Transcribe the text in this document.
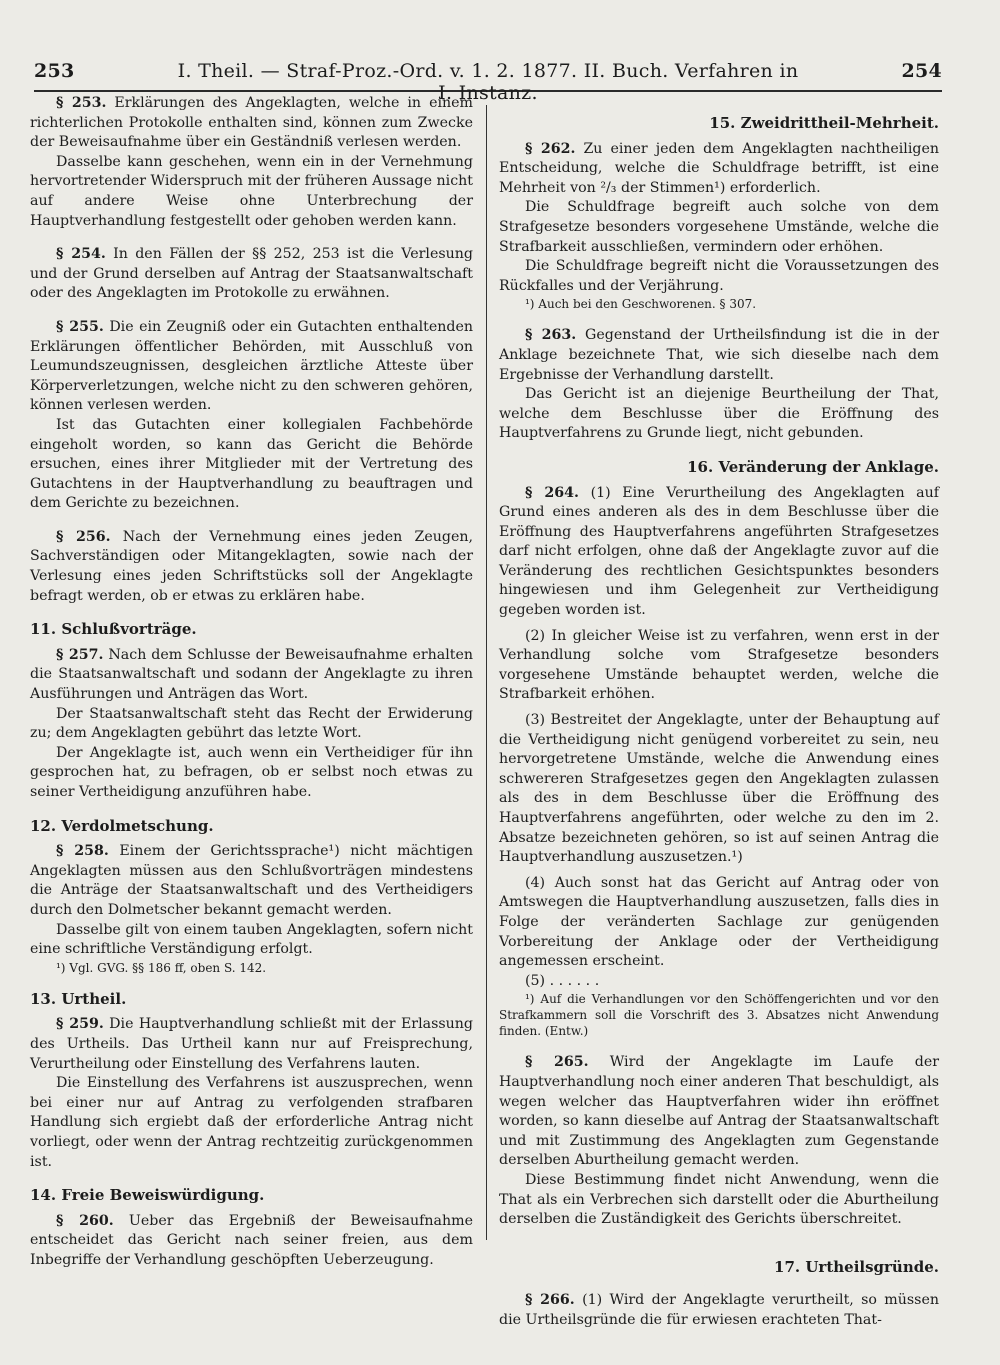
253	I. Theil. — Straf-Proz.-Ord. v. 1. 2. 1877. II. Buch. Verfahren in I. Instanz.
254

§ 253. Erklärungen des Angeklagten, welche in einem richterlichen Protokolle enthalten sind, können zum Zwecke der Beweisaufnahme über ein Geständniß verlesen werden.

Dasselbe kann geschehen, wenn ein in der Vernehmung hervortretender Widerspruch mit der früheren Aussage nicht auf andere Weise ohne Unterbrechung der Hauptverhandlung festgestellt oder gehoben werden kann.

§ 254. In den Fällen der §§ 252, 253 ist die Verlesung und der Grund derselben auf Antrag der Staatsanwaltschaft oder des Angeklagten im Protokolle zu erwähnen.

§ 255. Die ein Zeugniß oder ein Gutachten enthaltenden Erklärungen öffentlicher Behörden, mit Ausschluß von Leumundszeugnissen, desgleichen ärztliche Atteste über Körperverletzungen, welche nicht zu den schweren gehören, können verlesen werden.

Ist das Gutachten einer kollegialen Fachbehörde eingeholt worden, so kann das Gericht die Behörde ersuchen, eines ihrer Mitglieder mit der Vertretung des Gutachtens in der Hauptverhandlung zu beauftragen und dem Gerichte zu bezeichnen.

§ 256. Nach der Vernehmung eines jeden Zeugen, Sachverständigen oder Mitangeklagten, sowie nach der Verlesung eines jeden Schriftstücks soll der Angeklagte befragt werden, ob er etwas zu erklären habe.

11. Schlußvorträge.

§ 257. Nach dem Schlusse der Beweisaufnahme erhalten die Staatsanwaltschaft und sodann der Angeklagte zu ihren Ausführungen und Anträgen das Wort.

Der Staatsanwaltschaft steht das Recht der Erwiderung zu; dem Angeklagten gebührt das letzte Wort.

Der Angeklagte ist, auch wenn ein Vertheidiger für ihn gesprochen hat, zu befragen, ob er selbst noch etwas zu seiner Vertheidigung anzuführen habe.

12. Verdolmetschung.

§ 258. Einem der Gerichtssprache¹) nicht mächtigen Angeklagten müssen aus den Schlußvorträgen mindestens die Anträge der Staatsanwaltschaft und des Vertheidigers durch den Dolmetscher bekannt gemacht werden.

Dasselbe gilt von einem tauben Angeklagten, sofern nicht eine schriftliche Verständigung erfolgt.

¹) Vgl. GVG. §§ 186 ff, oben S. 142.

13. Urtheil.

§ 259. Die Hauptverhandlung schließt mit der Erlassung des Urtheils. Das Urtheil kann nur auf Freisprechung, Verurtheilung oder Einstellung des Verfahrens lauten.

Die Einstellung des Verfahrens ist auszusprechen, wenn bei einer nur auf Antrag zu verfolgenden strafbaren Handlung sich ergiebt daß der erforderliche Antrag nicht vorliegt, oder wenn der Antrag rechtzeitig zurückgenommen ist.

14. Freie Beweiswürdigung.

§ 260. Ueber das Ergebniß der Beweisaufnahme entscheidet das Gericht nach seiner freien, aus dem Inbegriffe der Verhandlung geschöpften Ueberzeugung.

15. Zweidrittheil-Mehrheit.

§ 262. Zu einer jeden dem Angeklagten nachtheiligen Entscheidung, welche die Schuldfrage betrifft, ist eine Mehrheit von ²/₃ der Stimmen¹) erforderlich.

Die Schuldfrage begreift auch solche von dem Strafgesetze besonders vorgesehene Umstände, welche die Strafbarkeit ausschließen, vermindern oder erhöhen.

Die Schuldfrage begreift nicht die Voraussetzungen des Rückfalles und der Verjährung.

¹) Auch bei den Geschworenen. § 307.

§ 263. Gegenstand der Urtheilsfindung ist die in der Anklage bezeichnete That, wie sich dieselbe nach dem Ergebnisse der Verhandlung darstellt.

Das Gericht ist an diejenige Beurtheilung der That, welche dem Beschlusse über die Eröffnung des Hauptverfahrens zu Grunde liegt, nicht gebunden.

16. Veränderung der Anklage.

§ 264. (1) Eine Verurtheilung des Angeklagten auf Grund eines anderen als des in dem Beschlusse über die Eröffnung des Hauptverfahrens angeführten Strafgesetzes darf nicht erfolgen, ohne daß der Angeklagte zuvor auf die Veränderung des rechtlichen Gesichtspunktes besonders hingewiesen und ihm Gelegenheit zur Vertheidigung gegeben worden ist.

(2) In gleicher Weise ist zu verfahren, wenn erst in der Verhandlung solche vom Strafgesetze besonders vorgesehene Umstände behauptet werden, welche die Strafbarkeit erhöhen.

(3) Bestreitet der Angeklagte, unter der Behauptung auf die Vertheidigung nicht genügend vorbereitet zu sein, neu hervorgetretene Umstände, welche die Anwendung eines schwereren Strafgesetzes gegen den Angeklagten zulassen als des in dem Beschlusse über die Eröffnung des Hauptverfahrens angeführten, oder welche zu den im 2. Absatze bezeichneten gehören, so ist auf seinen Antrag die Hauptverhandlung auszusetzen.¹)

(4) Auch sonst hat das Gericht auf Antrag oder von Amtswegen die Hauptverhandlung auszusetzen, falls dies in Folge der veränderten Sachlage zur genügenden Vorbereitung der Anklage oder der Vertheidigung angemessen erscheint.

(5) . . . . . .

¹) Auf die Verhandlungen vor den Schöffengerichten und vor den Strafkammern soll die Vorschrift des 3. Absatzes nicht Anwendung finden. (Entw.)

§ 265. Wird der Angeklagte im Laufe der Hauptverhandlung noch einer anderen That beschuldigt, als wegen welcher das Hauptverfahren wider ihn eröffnet worden, so kann dieselbe auf Antrag der Staatsanwaltschaft und mit Zustimmung des Angeklagten zum Gegenstande derselben Aburtheilung gemacht werden.

Diese Bestimmung findet nicht Anwendung, wenn die That als ein Verbrechen sich darstellt oder die Aburtheilung derselben die Zuständigkeit des Gerichts überschreitet.

17. Urtheilsgründe.

§ 266. (1) Wird der Angeklagte verurtheilt, so müssen die Urtheilsgründe die für erwiesen erachteten That-
